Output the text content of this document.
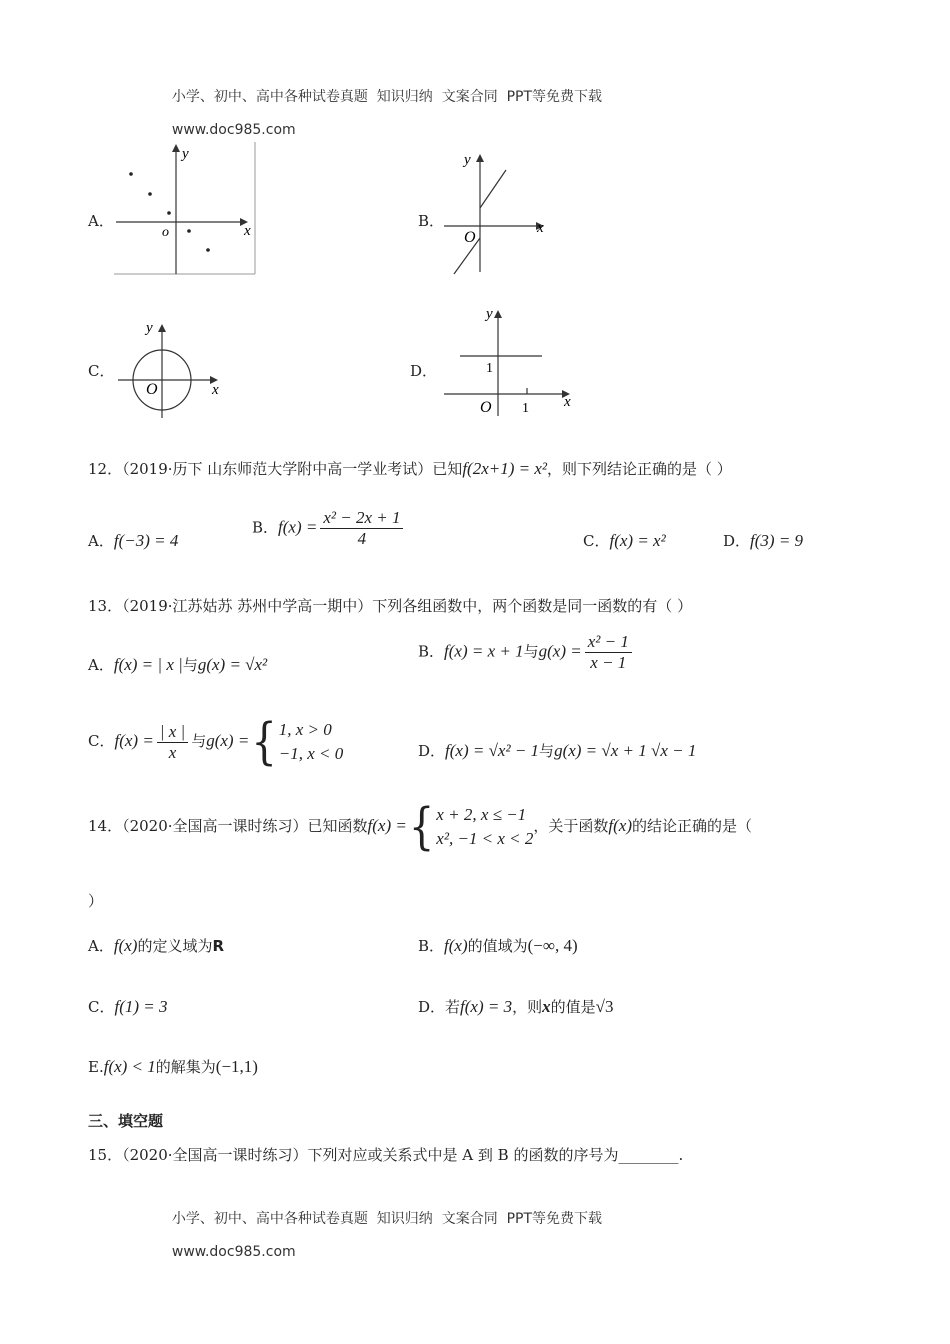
小学、初中、高中各种试卷真题  知识归纳  文案合同  PPT等免费下载

www.doc985.com

A．
y
x
o
B．
y
x
O
C．
y
x
O
D．
y
x
O 1
1
12．（2019·历下 山东师范大学附中高一学业考试）已知f(2x+1) = x²，则下列结论正确的是（ ）
A．f(−3) = 4
B．$f(x) = \frac{\text{x² − 2x + 1}}{4}$	C．f(x) = x²	D．f(3) = 9
13．（2019·江苏姑苏 苏州中学高一期中）下列各组函数中，两个函数是同一函数的有（ ）
A．f(x) = | x |与g(x) = √x²
B．f(x) = x + 1与$g(x) = \frac{\text{x² − 1}}{x - 1}$
C．$f(x) = \frac{| x |}{x}$ 与g(x) ={ 1, x > 0
−1, x < 0	D．f(x) = √x² − 1与g(x) = √x + 1 √x − 1
14．（2020·全国高一课时练习）已知函数f(x) ={ x + 2, x ≤ −1
x², −1 < x < 2
，关于函数f(x)的结论正确的是（
）
A．f(x)的定义域为R	B．f(x)的值域为(−∞, 4)
C．f(1) = 3	D．若f(x) = 3，则x的值是√3
E.f(x) < 1的解集为(−1,1)
三、填空题
15．（2020·全国高一课时练习）下列对应或关系式中是 A 到 B 的函数的序号为________.

小学、初中、高中各种试卷真题  知识归纳  文案合同  PPT等免费下载

www.doc985.com
